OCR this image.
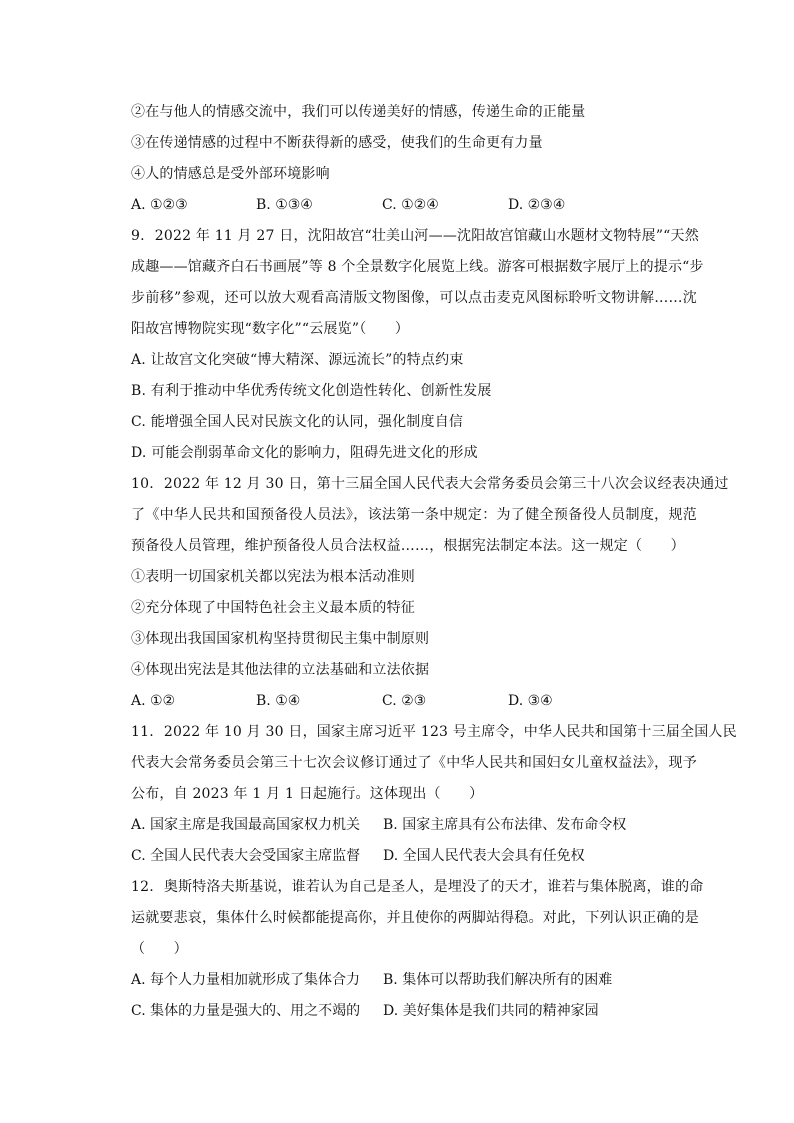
②在与他人的情感交流中，我们可以传递美好的情感，传递生命的正能量
③在传递情感的过程中不断获得新的感受，使我们的生命更有力量
④人的情感总是受外部环境影响
A. ①②③	B. ①③④	C. ①②④	D. ②③④
9. 2022 年 11 月 27 日，沈阳故宫“壮美山河——沈阳故宫馆藏山水题材文物特展”“天然
成趣——馆藏齐白石书画展”等 8 个全景数字化展览上线。游客可根据数字展厅上的提示“步
步前移”参观，还可以放大观看高清版文物图像，可以点击麦克风图标聆听文物讲解……沈
阳故宫博物院实现“数字化”“云展览”（　　）
A. 让故宫文化突破“博大精深、源远流长”的特点约束
B. 有利于推动中华优秀传统文化创造性转化、创新性发展
C. 能增强全国人民对民族文化的认同，强化制度自信
D. 可能会削弱革命文化的影响力，阻碍先进文化的形成
10. 2022 年 12 月 30 日，第十三届全国人民代表大会常务委员会第三十八次会议经表决通过
了《中华人民共和国预备役人员法》，该法第一条中规定：为了健全预备役人员制度，规范
预备役人员管理，维护预备役人员合法权益……，根据宪法制定本法。这一规定（　　）
①表明一切国家机关都以宪法为根本活动准则
②充分体现了中国特色社会主义最本质的特征
③体现出我国国家机构坚持贯彻民主集中制原则
④体现出宪法是其他法律的立法基础和立法依据
A. ①②	B. ①④	C. ②③	D. ③④
11. 2022 年 10 月 30 日，国家主席习近平 123 号主席令，中华人民共和国第十三届全国人民
代表大会常务委员会第三十七次会议修订通过了《中华人民共和国妇女儿童权益法》，现予
公布，自 2023 年 1 月 1 日起施行。这体现出（　　）
A. 国家主席是我国最高国家权力机关 B. 国家主席具有公布法律、发布命令权
C. 全国人民代表大会受国家主席监督 D. 全国人民代表大会具有任免权
12. 奥斯特洛夫斯基说，谁若认为自己是圣人，是埋没了的天才，谁若与集体脱离，谁的命
运就要悲哀，集体什么时候都能提高你，并且使你的两脚站得稳。对此，下列认识正确的是
（　　）
A. 每个人力量相加就形成了集体合力 B. 集体可以帮助我们解决所有的困难
C. 集体的力量是强大的、用之不竭的 D. 美好集体是我们共同的精神家园
